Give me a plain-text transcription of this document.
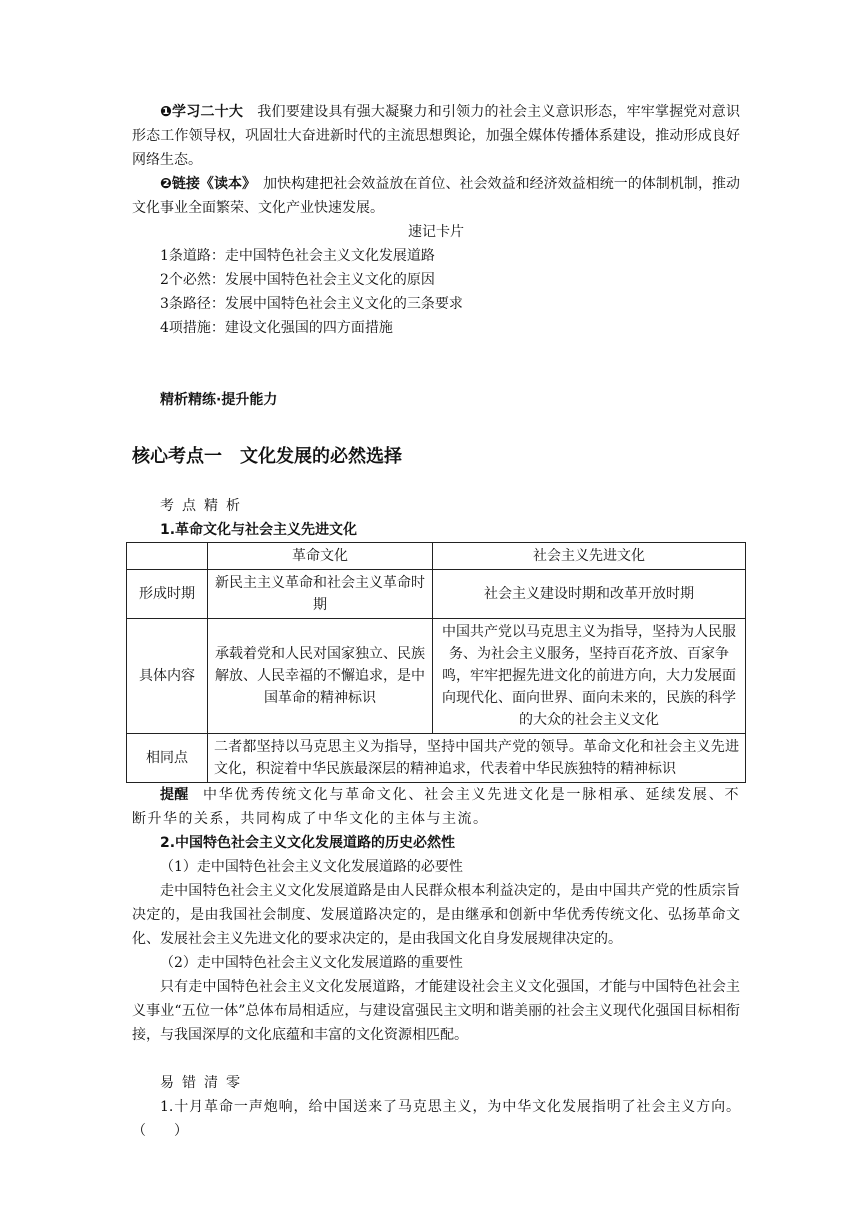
❶学习二十大　 我们要建设具有强大凝聚力和引领力的社会主义意识形态，牢牢掌握党对意识形态工作领导权，巩固壮大奋进新时代的主流思想舆论，加强全媒体传播体系建设，推动形成良好网络生态。

❷链接《读本》　 加快构建把社会效益放在首位、社会效益和经济效益相统一的体制机制，推动文化事业全面繁荣、文化产业快速发展。

速记卡片

1条道路：走中国特色社会主义文化发展道路

2个必然：发展中国特色社会主义文化的原因

3条路径：发展中国特色社会主义文化的三条要求

4项措施：建设文化强国的四方面措施

精析精练·提升能力

核心考点一　文化发展的必然选择

考点精析

1.革命文化与社会主义先进文化

	革命文化	社会主义先进文化
形成时期	新民主主义革命和社会主义革命时期	社会主义建设时期和改革开放时期
具体内容	承载着党和人民对国家独立、民族解放、人民幸福的不懈追求，是中国革命的精神标识	中国共产党以马克思主义为指导，坚持为人民服务、为社会主义服务，坚持百花齐放、百家争鸣，牢牢把握先进文化的前进方向，大力发展面向现代化、面向世界、面向未来的，民族的科学的大众的社会主义文化
相同点	二者都坚持以马克思主义为指导，坚持中国共产党的领导。革命文化和社会主义先进文化，积淀着中华民族最深层的精神追求，代表着中华民族独特的精神标识	

提醒　 中华优秀传统文化与革命文化、社会主义先进文化是一脉相承、延续发展、不断升华的关系，共同构成了中华文化的主体与主流。

2.中国特色社会主义文化发展道路的历史必然性

（1）走中国特色社会主义文化发展道路的必要性

走中国特色社会主义文化发展道路是由人民群众根本利益决定的，是由中国共产党的性质宗旨决定的，是由我国社会制度、发展道路决定的，是由继承和创新中华优秀传统文化、弘扬革命文化、发展社会主义先进文化的要求决定的，是由我国文化自身发展规律决定的。

（2）走中国特色社会主义文化发展道路的重要性

只有走中国特色社会主义文化发展道路，才能建设社会主义文化强国，才能与中国特色社会主义事业“五位一体”总体布局相适应，与建设富强民主文明和谐美丽的社会主义现代化强国目标相衔接，与我国深厚的文化底蕴和丰富的文化资源相匹配。

易错清零

1.十月革命一声炮响，给中国送来了马克思主义，为中华文化发展指明了社会主义方向。（　　）
